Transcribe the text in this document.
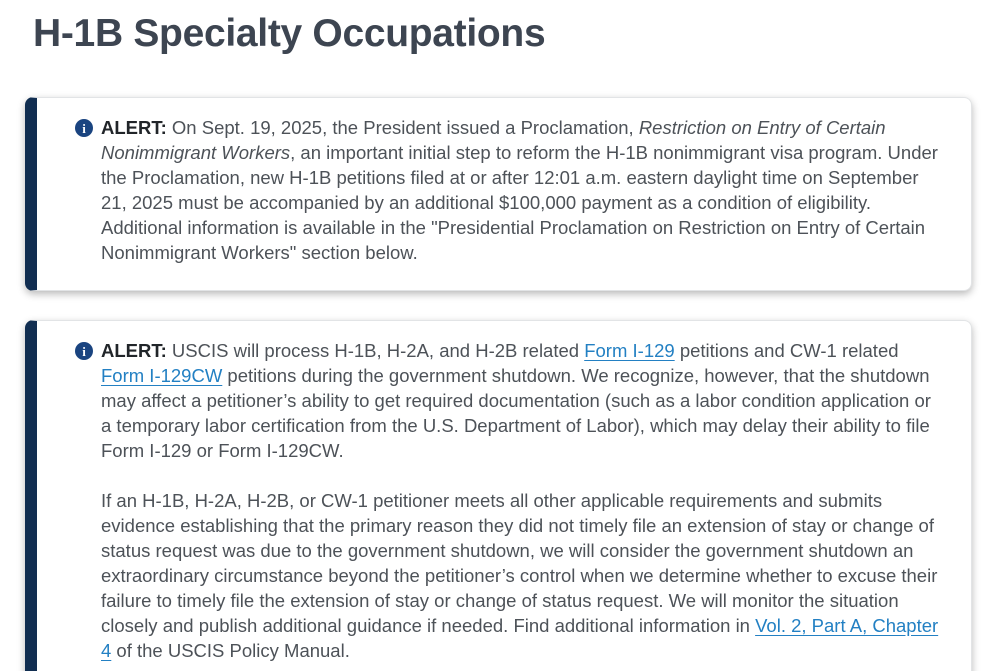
H-1B Specialty Occupations
i ALERT: On Sept. 19, 2025, the President issued a Proclamation, Restriction on Entry of Certain Nonimmigrant Workers, an important initial step to reform the H-1B nonimmigrant visa program. Under the Proclamation, new H-1B petitions filed at or after 12:01 a.m. eastern daylight time on September 21, 2025 must be accompanied by an additional $100,000 payment as a condition of eligibility. Additional information is available in the "Presidential Proclamation on Restriction on Entry of Certain Nonimmigrant Workers" section below.

i ALERT: USCIS will process H-1B, H-2A, and H-2B related Form I-129 petitions and CW-1 related Form I-129CW petitions during the government shutdown. We recognize, however, that the shutdown may affect a petitioner’s ability to get required documentation (such as a labor condition application or a temporary labor certification from the U.S. Department of Labor), which may delay their ability to file Form I-129 or Form I-129CW.

If an H-1B, H-2A, H-2B, or CW-1 petitioner meets all other applicable requirements and submits evidence establishing that the primary reason they did not timely file an extension of stay or change of status request was due to the government shutdown, we will consider the government shutdown an extraordinary circumstance beyond the petitioner’s control when we determine whether to excuse their failure to timely file the extension of stay or change of status request. We will monitor the situation closely and publish additional guidance if needed. Find additional information in Vol. 2, Part A, Chapter 4 of the USCIS Policy Manual.
